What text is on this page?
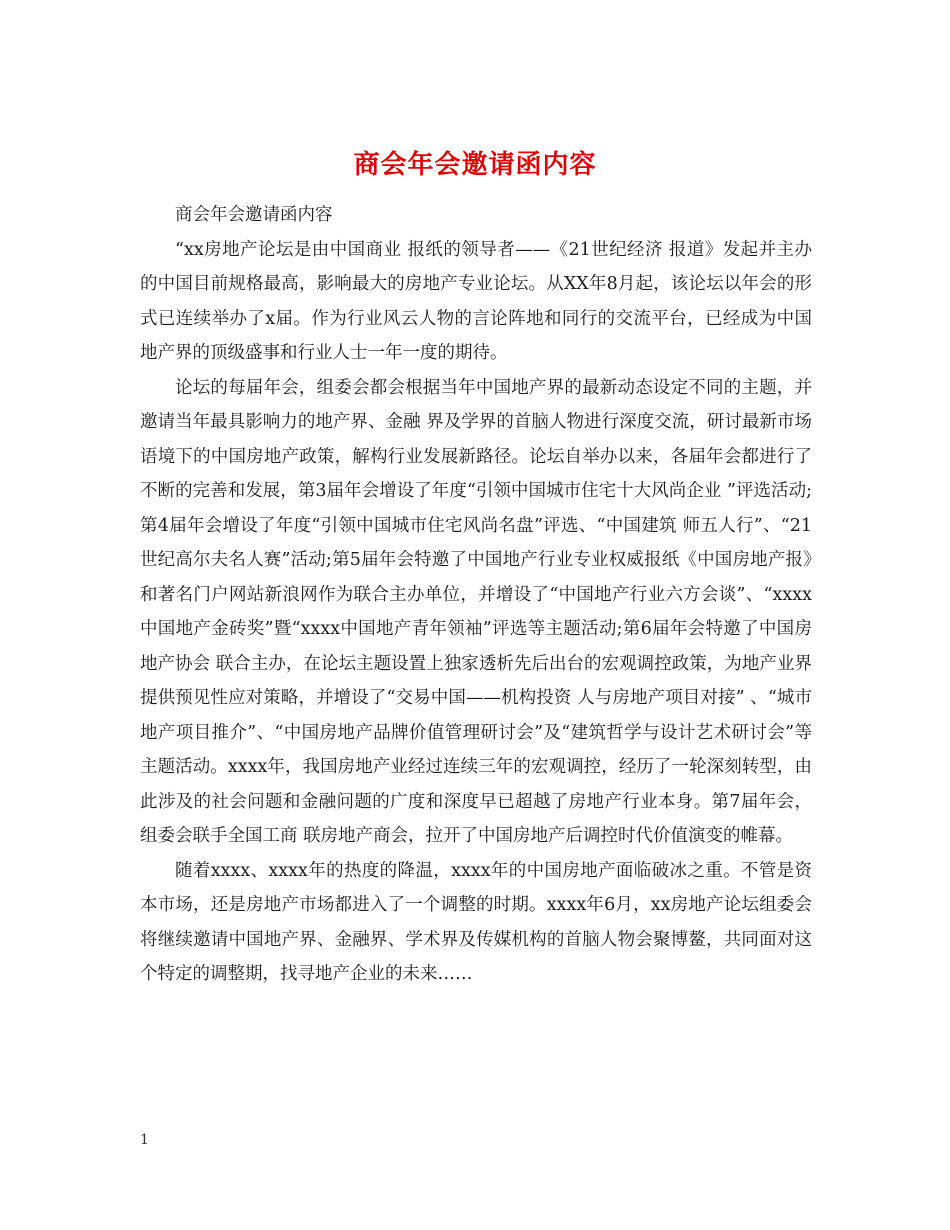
商会年会邀请函内容

商会年会邀请函内容

“xx房地产论坛是由中国商业 报纸的领导者——《21世纪经济 报道》发起并主办的中国目前规格最高，影响最大的房地产专业论坛。从XX年8月起，该论坛以年会的形式已连续举办了x届。作为行业风云人物的言论阵地和同行的交流平台，已经成为中国地产界的顶级盛事和行业人士一年一度的期待。

论坛的每届年会，组委会都会根据当年中国地产界的最新动态设定不同的主题，并邀请当年最具影响力的地产界、金融 界及学界的首脑人物进行深度交流，研讨最新市场语境下的中国房地产政策，解构行业发展新路径。论坛自举办以来，各届年会都进行了不断的完善和发展，第3届年会增设了年度“引领中国城市住宅十大风尚企业 ”评选活动;第4届年会增设了年度“引领中国城市住宅风尚名盘”评选、“中国建筑 师五人行”、“21世纪高尔夫名人赛”活动;第5届年会特邀了中国地产行业专业权威报纸《中国房地产报》和著名门户网站新浪网作为联合主办单位，并增设了“中国地产行业六方会谈”、“xxxx中国地产金砖奖”暨“xxxx中国地产青年领袖”评选等主题活动;第6届年会特邀了中国房地产协会 联合主办，在论坛主题设置上独家透析先后出台的宏观调控政策，为地产业界提供预见性应对策略，并增设了“交易中国——机构投资 人与房地产项目对接” 、“城市地产项目推介”、“中国房地产品牌价值管理研讨会”及“建筑哲学与设计艺术研讨会”等主题活动。xxxx年，我国房地产业经过连续三年的宏观调控，经历了一轮深刻转型，由此涉及的社会问题和金融问题的广度和深度早已超越了房地产行业本身。第7届年会，组委会联手全国工商 联房地产商会，拉开了中国房地产后调控时代价值演变的帷幕。

随着xxxx、xxxx年的热度的降温，xxxx年的中国房地产面临破冰之重。不管是资本市场，还是房地产市场都进入了一个调整的时期。xxxx年6月，xx房地产论坛组委会将继续邀请中国地产界、金融界、学术界及传媒机构的首脑人物会聚博鳌，共同面对这个特定的调整期，找寻地产企业的未来……

1
